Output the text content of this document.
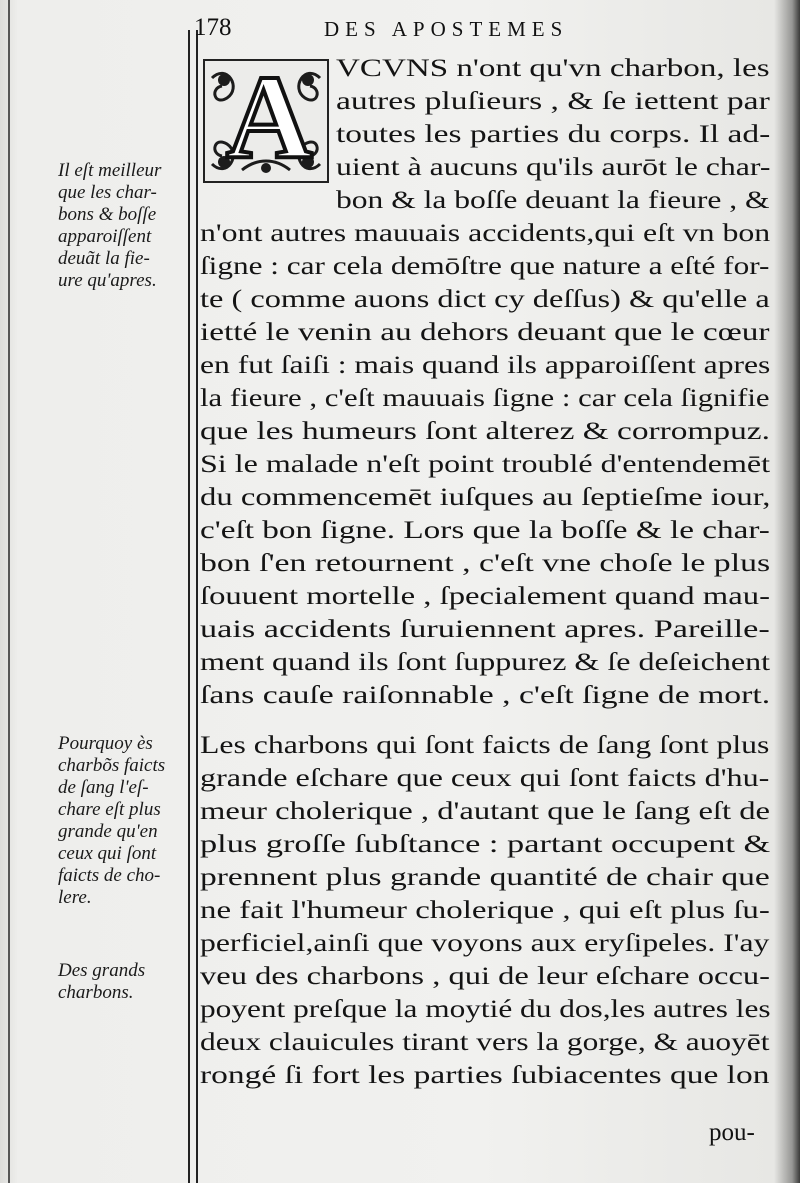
178	DES APOSTEMES
A
Il eſt meilleur
que les char-
bons & boſſe
apparoiſſent
deuãt la fie-
ure qu'apres.
Pourquoy ès
charbõs faicts
de ſang l'eſ-
chare eſt plus
grande qu'en
ceux qui ſont
faicts de cho-
lere.
Des grands
charbons.
VCVNS n'ont qu'vn charbon, les
autres pluſieurs , & ſe iettent par
toutes les parties du corps. Il ad-
uient à aucuns qu'ils aurōt le char-
bon & la boſſe deuant la fieure , &
n'ont autres mauuais accidents,qui eſt vn bon
ſigne : car cela demōſtre que nature a eſté for-
te ( comme auons dict cy deſſus) & qu'elle a
ietté le venin au dehors deuant que le cœur
en fut ſaiſi : mais quand ils apparoiſſent apres
la fieure , c'eſt mauuais ſigne : car cela ſignifie
que les humeurs ſont alterez & corrompuz.
Si le malade n'eſt point troublé d'entendemēt
du commencemēt iuſques au ſeptieſme iour,
c'eſt bon ſigne. Lors que la boſſe & le char-
bon ſ'en retournent , c'eſt vne choſe le plus
ſouuent mortelle , ſpecialement quand mau-
uais accidents ſuruiennent apres. Pareille-
ment quand ils ſont ſuppurez & ſe deſeichent
ſans cauſe raiſonnable , c'eſt ſigne de mort.
Les charbons qui ſont faicts de ſang ſont plus
grande eſchare que ceux qui ſont faicts d'hu-
meur cholerique , d'autant que le ſang eſt de
plus groſſe ſubſtance : partant occupent &
prennent plus grande quantité de chair que
ne fait l'humeur cholerique , qui eſt plus ſu-
perficiel,ainſi que voyons aux eryſipeles. I'ay
veu des charbons , qui de leur eſchare occu-
poyent preſque la moytié du dos,les autres les
deux clauicules tirant vers la gorge, & auoyēt
rongé ſi fort les parties ſubiacentes que lon
pou-
